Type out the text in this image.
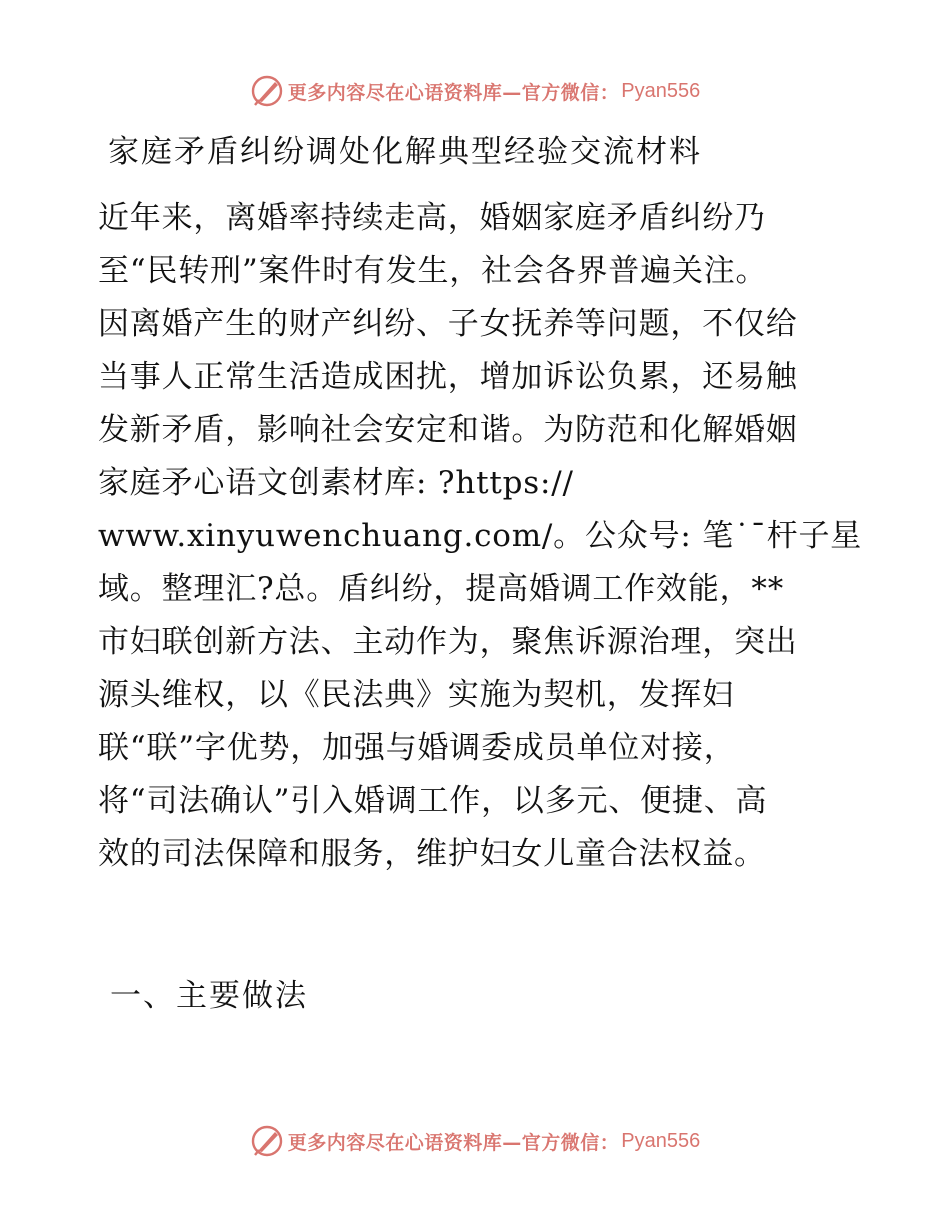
更多内容尽在心语资料库—官方微信： Pyan556
家庭矛盾纠纷调处化解典型经验交流材料
近年来，离婚率持续走高，婚姻家庭矛盾纠纷乃
至“民转刑”案件时有发生，社会各界普遍关注。
因离婚产生的财产纠纷、子女抚养等问题，不仅给
当事人正常生活造成困扰，增加诉讼负累，还易触
发新矛盾，影响社会安定和谐。为防范和化解婚姻
家庭矛心语文创素材库: ?https://
www.xinyuwenchuang.com/。公众号: 笔˙¯杆子星
域。整理汇?总。盾纠纷，提高婚调工作效能，**
市妇联创新方法、主动作为，聚焦诉源治理，突出
源头维权，以《民法典》实施为契机，发挥妇
联“联”字优势，加强与婚调委成员单位对接，
将“司法确认”引入婚调工作，以多元、便捷、高
效的司法保障和服务，维护妇女儿童合法权益。
一、主要做法
更多内容尽在心语资料库—官方微信： Pyan556
